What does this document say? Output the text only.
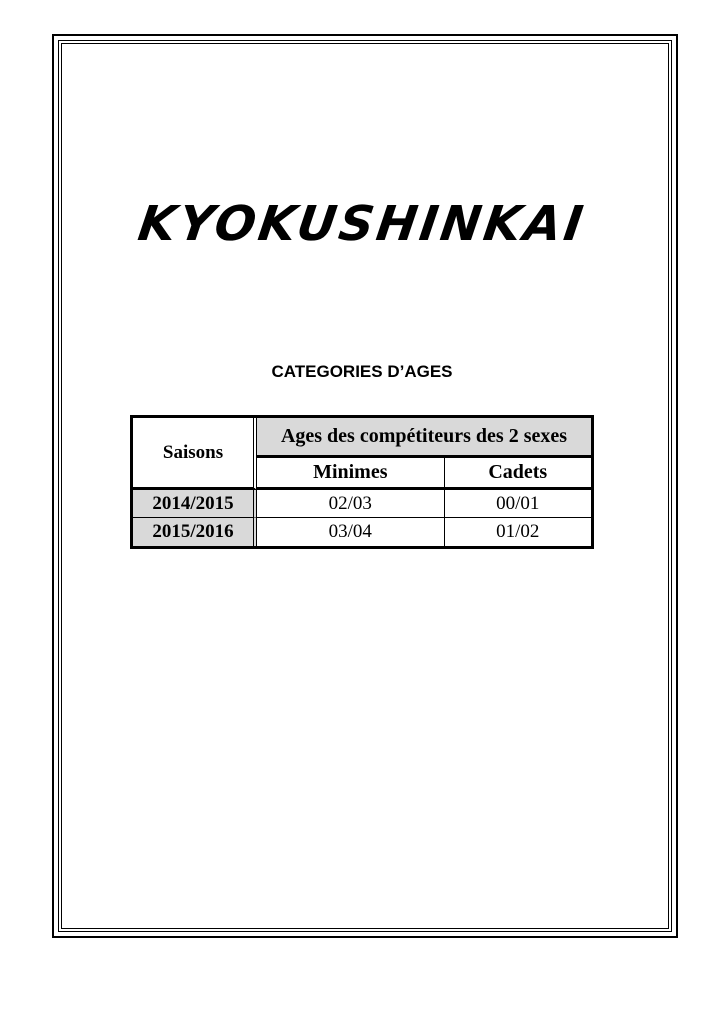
KYOKUSHINKAI
CATEGORIES D’AGES
Saisons	Ages des compétiteurs des 2 sexes	
	Minimes	Cadets
2014/2015	02/03	00/01
2015/2016	03/04	01/02
